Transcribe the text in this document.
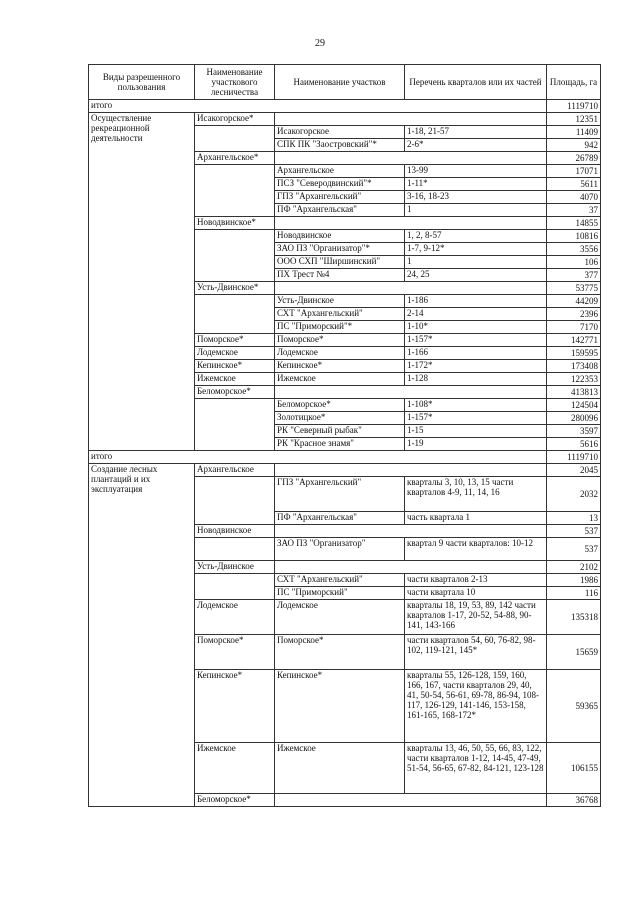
29
Виды разрешенного пользования	Наименование участкового лесничества	Наименование участков	Перечень кварталов или их частей	Площадь, га
итого				1119710
Осуществление рекреационной деятельности	Исакогорское*			12351
		Исакогорское	1-18, 21-57	11409
		СПК ПК "Заостровский"*	2-6*	942
	Архангельское*			26789
		Архангельское	13-99	17071
		ПСЗ "Северодвинский"*	1-11*	5611
		ГПЗ "Архангельский"	3-16, 18-23	4070
		ПФ "Архангельская"	1	37
	Новодвинское*			14855
		Новодвинское	1, 2, 8-57	10816
		ЗАО ПЗ "Организатор"*	1-7, 9-12*	3556
		ООО СХП "Ширшинский"	1	106
		ПХ Трест №4	24, 25	377
	Усть-Двинское*			53775
		Усть-Двинское	1-186	44209
		СХТ "Архангельский"	2-14	2396
		ПС "Приморский"*	1-10*	7170
	Поморское*	Поморское*	1-157*	142771
	Лодемское	Лодемское	1-166	159595
	Кепинское*	Кепинское*	1-172*	173408
	Ижемское	Ижемское	1-128	122353
	Беломорское*			413813
		Беломорское*	1-108*	124504
		Золотицкое*	1-157*	280096
		РК "Северный рыбак"	1-15	3597
		РК "Красное знамя"	1-19	5616
итого				1119710
Создание лесных плантаций и их эксплуатация	Архангельское			2045
		ГПЗ "Архангельский"	кварталы 3, 10, 13, 15 части кварталов 4-9, 11, 14, 16	2032
		ПФ "Архангельская"	часть квартала 1	13
	Новодвинское			537
		ЗАО ПЗ "Организатор"	квартал 9 части кварталов: 10-12	537
	Усть-Двинское			2102
		СХТ "Архангельский"	части кварталов 2-13	1986
		ПС "Приморский"	части квартала 10	116
	Лодемское	Лодемское	кварталы 18, 19, 53, 89, 142 части кварталов 1-17, 20-52, 54-88, 90-141, 143-166	135318
	Поморское*	Поморское*	части кварталов 54, 60, 76-82, 98-102, 119-121, 145*	15659
	Кепинское*	Кепинское*	кварталы 55, 126-128, 159, 160, 166, 167, части кварталов 29, 40, 41, 50-54, 56-61, 69-78, 86-94, 108-117, 126-129, 141-146, 153-158, 161-165, 168-172*	59365
	Ижемское	Ижемское	кварталы 13, 46, 50, 55, 66, 83, 122, части кварталов 1-12, 14-45, 47-49, 51-54, 56-65, 67-82, 84-121, 123-128	106155
	Беломорское*			36768
